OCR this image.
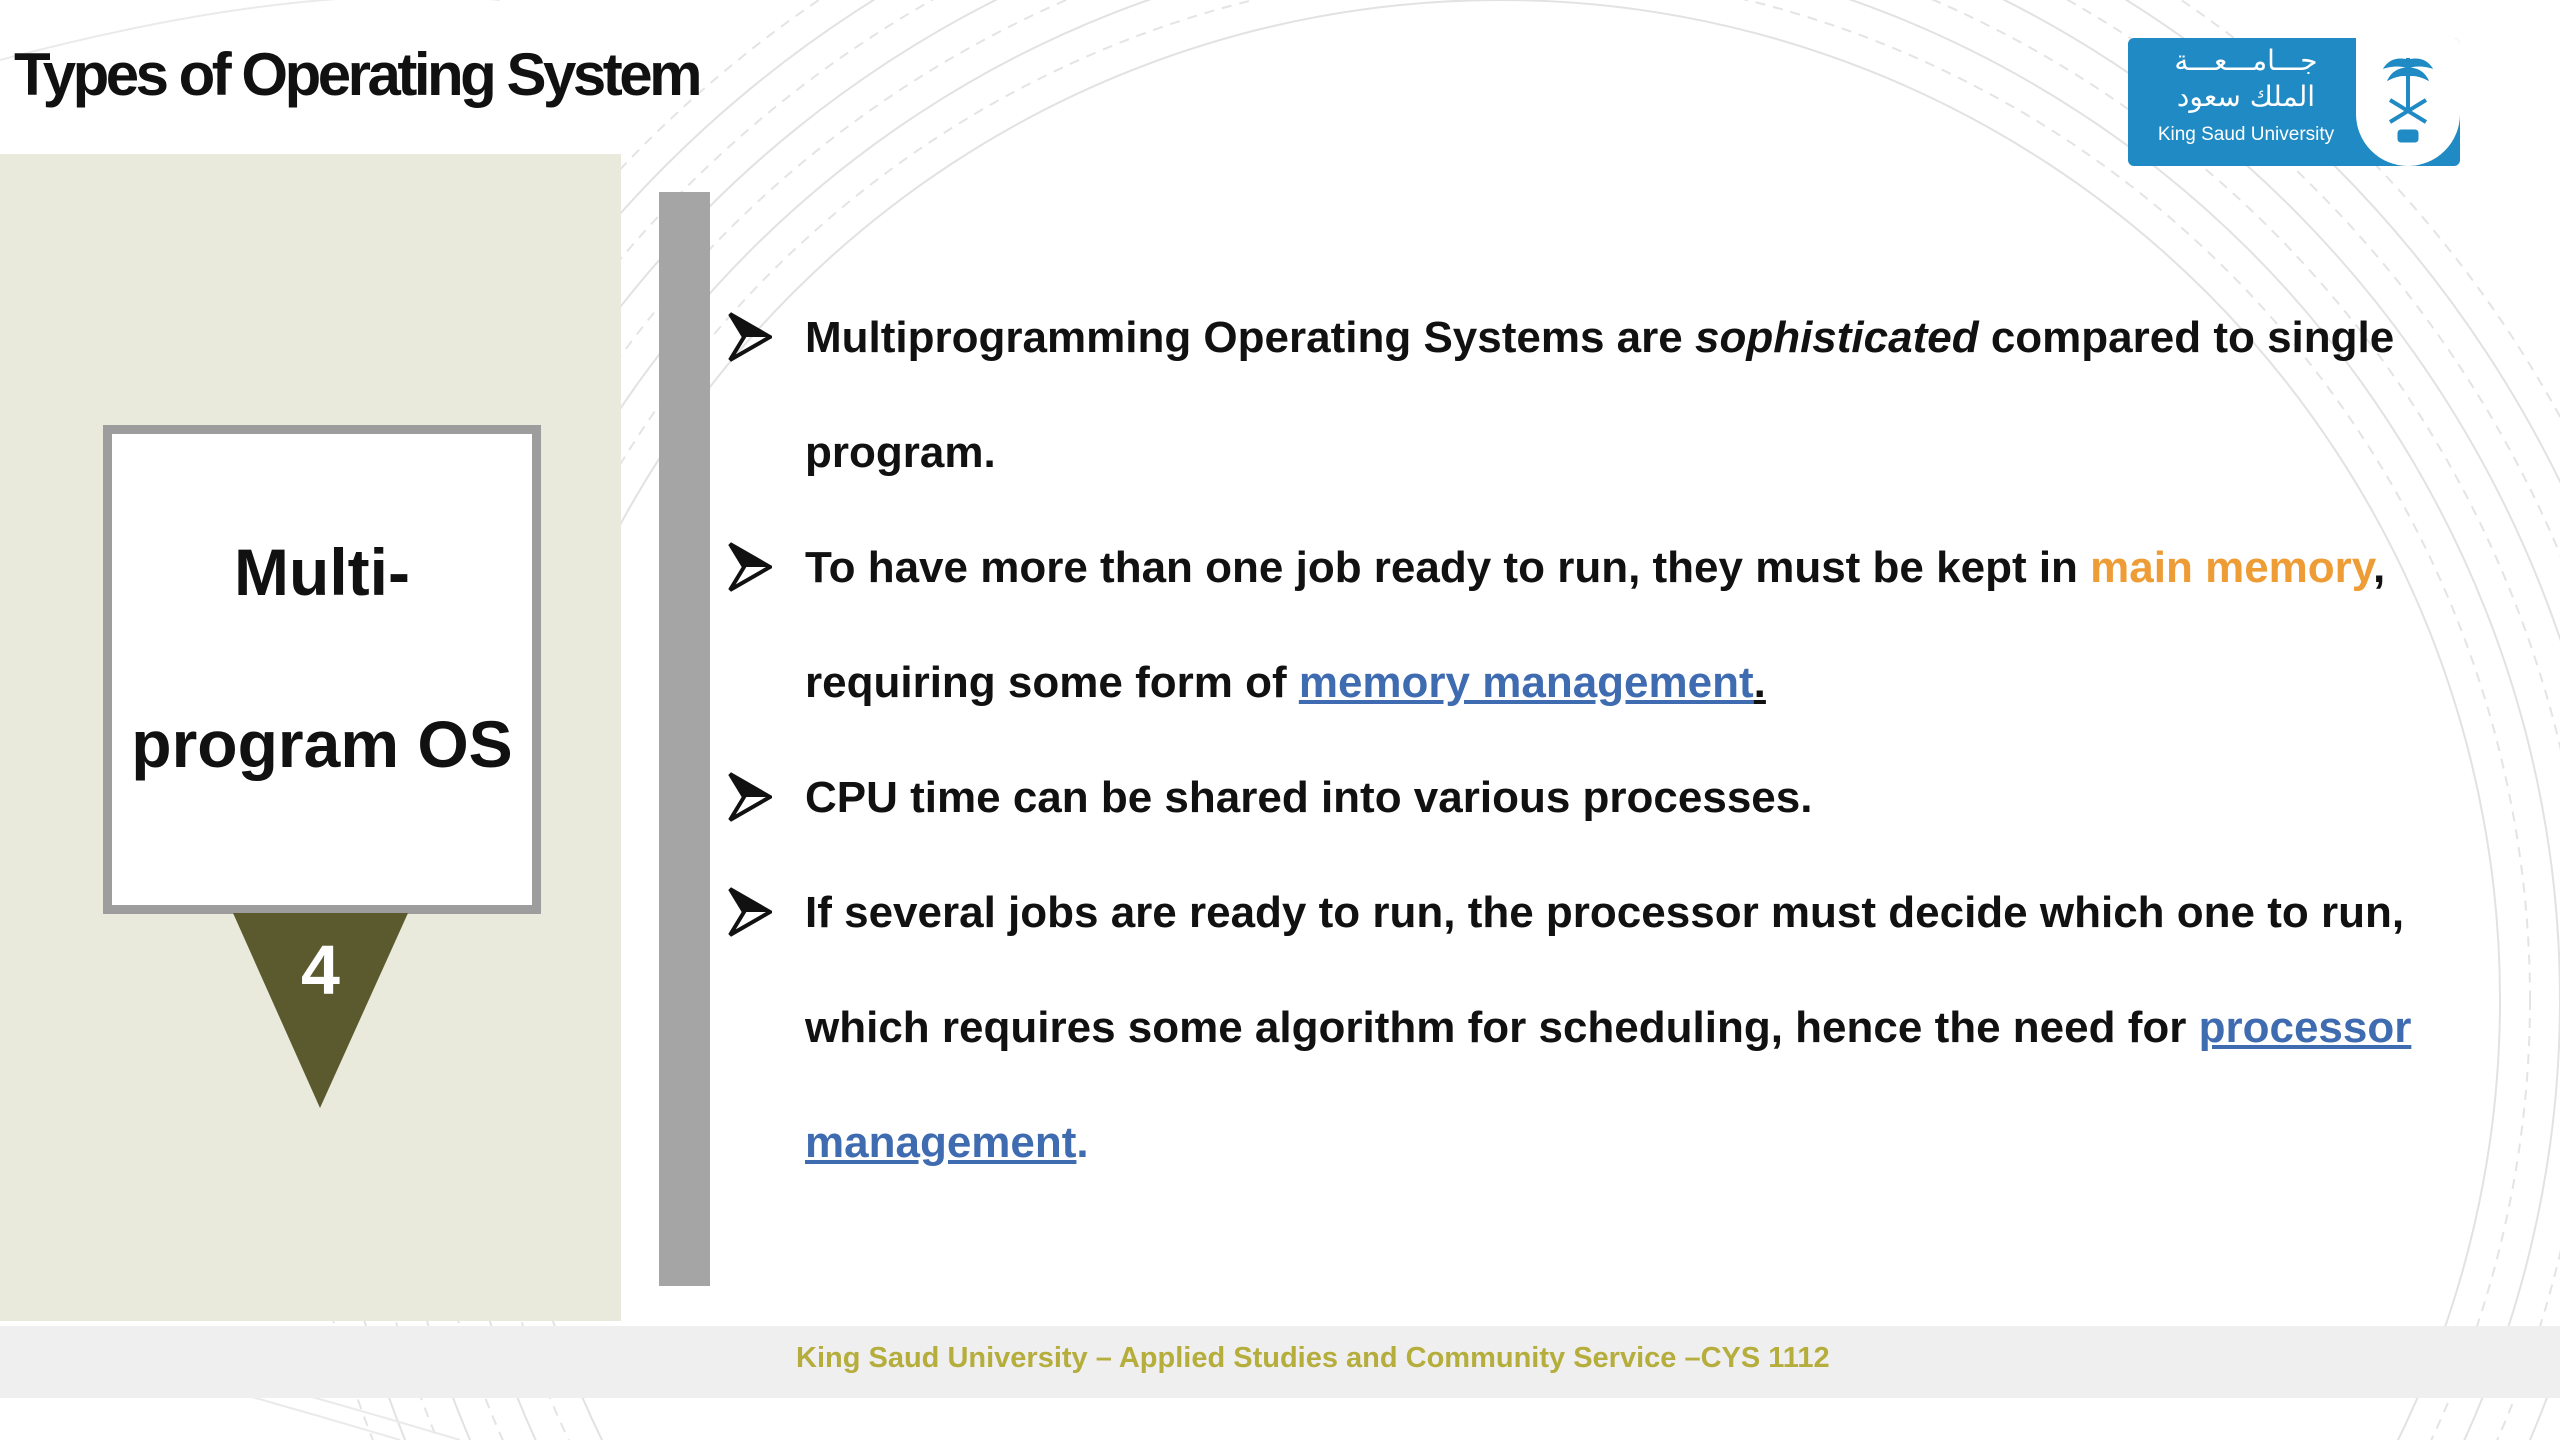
Types of Operating System	جـــامـــعـــة
الملك سعود
King Saud University
Multi-
program OS
4
Multiprogramming Operating Systems are sophisticated compared to single
program.
To have more than one job ready to run, they must be kept in main memory,
requiring some form of memory management.
CPU time can be shared into various processes.
If several jobs are ready to run, the processor must decide which one to run,
which requires some algorithm for scheduling, hence the need for processor
management.
King Saud University – Applied Studies and Community Service –CYS 1112
